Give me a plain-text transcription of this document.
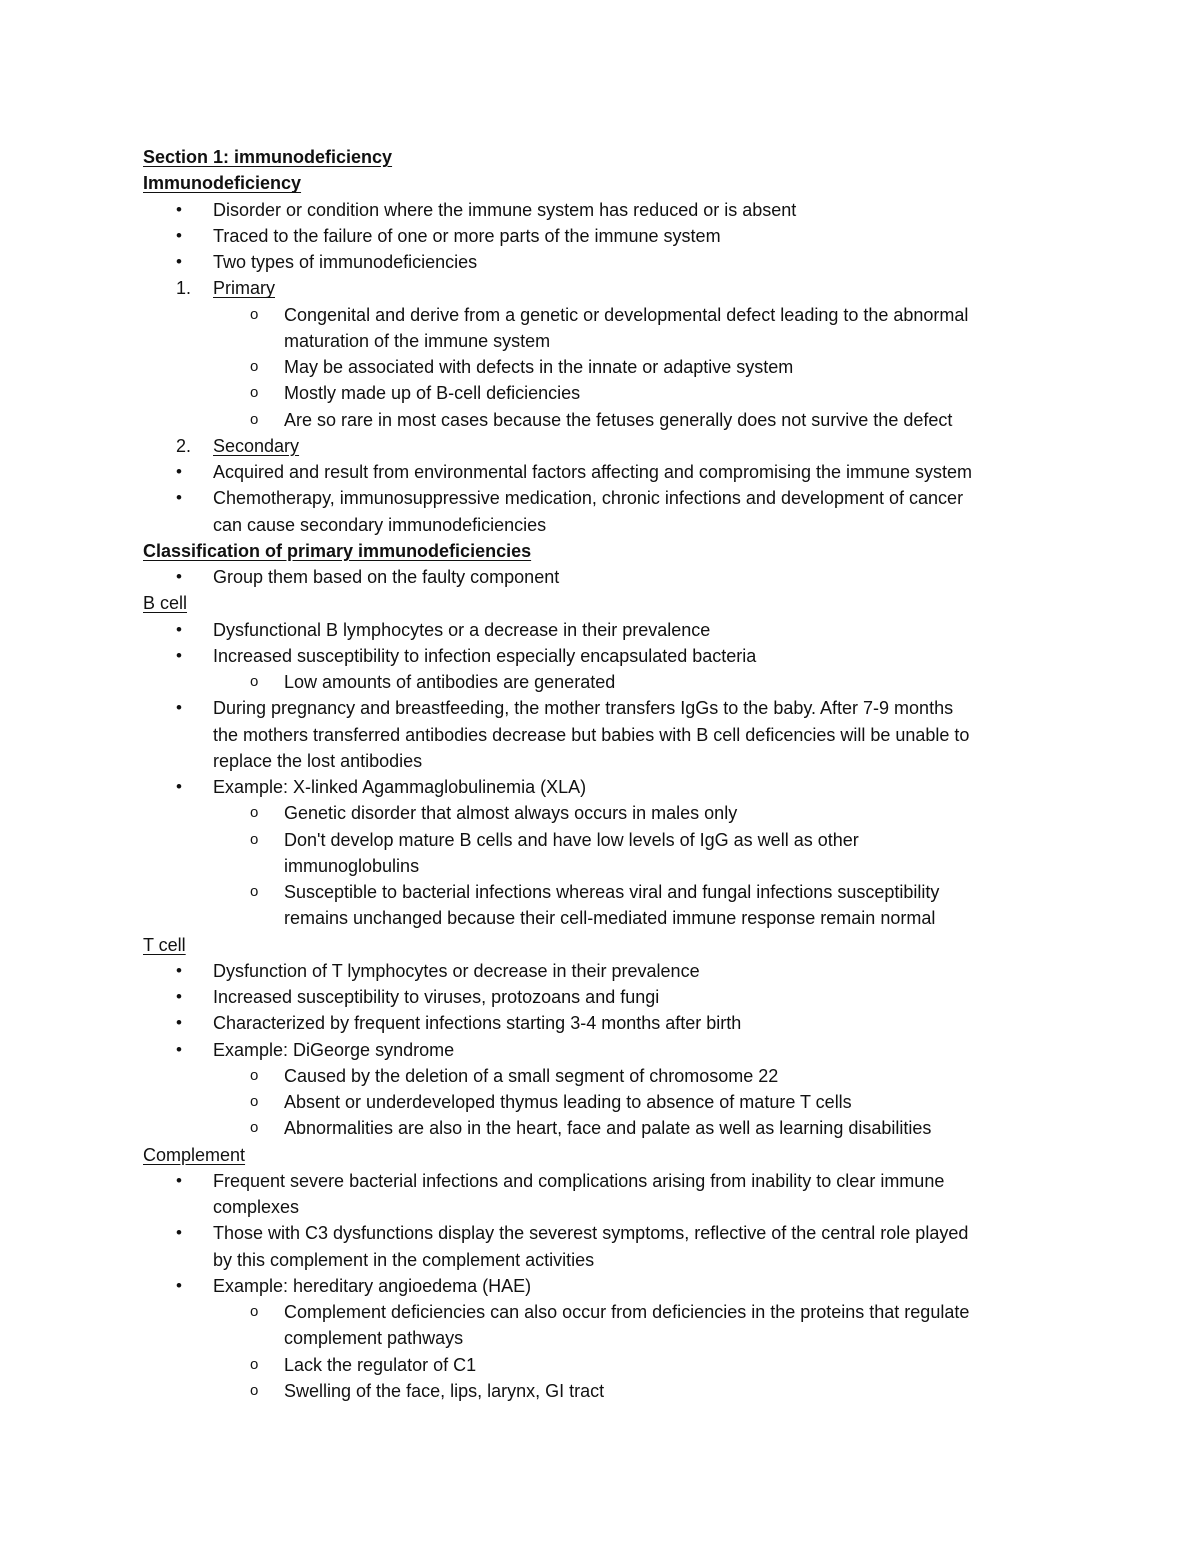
Section 1: immunodeficiency
Immunodeficiency
• Disorder or condition where the immune system has reduced or is absent
• Traced to the failure of one or more parts of the immune system
• Two types of immunodeficiencies
1. Primary
o Congenital and derive from a genetic or developmental defect leading to the abnormal
maturation of the immune system
o May be associated with defects in the innate or adaptive system
o Mostly made up of B-cell deficiencies
o Are so rare in most cases because the fetuses generally does not survive the defect
2. Secondary
• Acquired and result from environmental factors affecting and compromising the immune system
• Chemotherapy, immunosuppressive medication, chronic infections and development of cancer
can cause secondary immunodeficiencies
Classification of primary immunodeficiencies
• Group them based on the faulty component
B cell
• Dysfunctional B lymphocytes or a decrease in their prevalence
• Increased susceptibility to infection especially encapsulated bacteria
o Low amounts of antibodies are generated
• During pregnancy and breastfeeding, the mother transfers IgGs to the baby. After 7-9 months
the mothers transferred antibodies decrease but babies with B cell deficencies will be unable to
replace the lost antibodies
• Example: X-linked Agammaglobulinemia (XLA)
o Genetic disorder that almost always occurs in males only
o Don't develop mature B cells and have low levels of IgG as well as other
immunoglobulins
o Susceptible to bacterial infections whereas viral and fungal infections susceptibility
remains unchanged because their cell-mediated immune response remain normal
T cell
• Dysfunction of T lymphocytes or decrease in their prevalence
• Increased susceptibility to viruses, protozoans and fungi
• Characterized by frequent infections starting 3-4 months after birth
• Example: DiGeorge syndrome
o Caused by the deletion of a small segment of chromosome 22
o Absent or underdeveloped thymus leading to absence of mature T cells
o Abnormalities are also in the heart, face and palate as well as learning disabilities
Complement
• Frequent severe bacterial infections and complications arising from inability to clear immune
complexes
• Those with C3 dysfunctions display the severest symptoms, reflective of the central role played
by this complement in the complement activities
• Example: hereditary angioedema (HAE)
o Complement deficiencies can also occur from deficiencies in the proteins that regulate
complement pathways
o Lack the regulator of C1
o Swelling of the face, lips, larynx, GI tract
